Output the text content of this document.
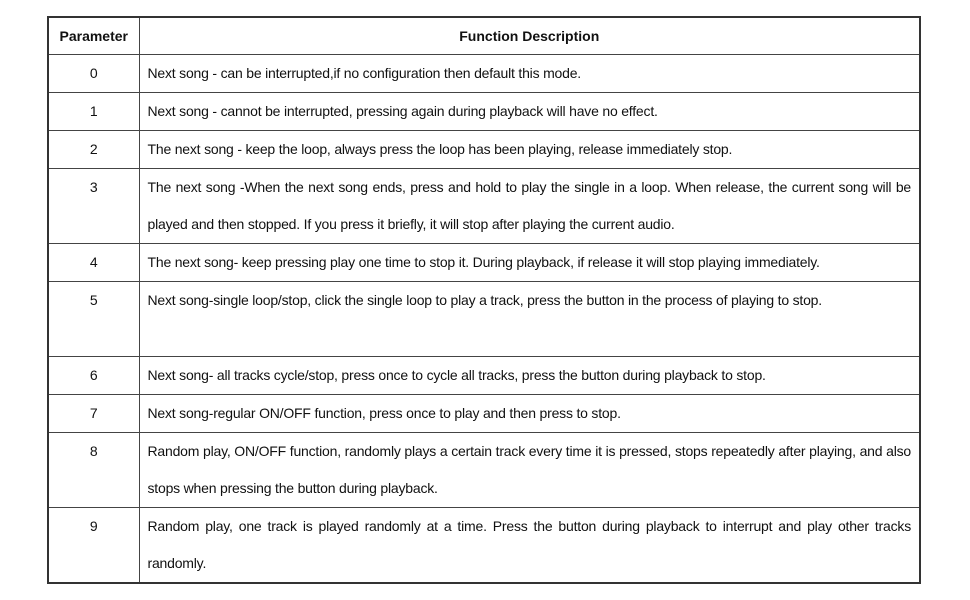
Parameter	Function Description
0	Next song - can be interrupted,if no configuration then default this mode.
1	Next song - cannot be interrupted, pressing again during playback will have no effect.
2	The next song - keep the loop, always press the loop has been playing, release immediately stop.
3	The next song -When the next song ends, press and hold to play the single in a loop. When release, the current song will be played and then stopped. If you press it briefly, it will stop after playing the current audio.
4	The next song- keep pressing play one time to stop it. During playback, if release it will stop playing immediately.
5	Next song-single loop/stop, click the single loop to play a track, press the button in the process of playing to stop.
6	Next song- all tracks cycle/stop, press once to cycle all tracks, press the button during playback to stop.
7	Next song-regular ON/OFF function, press once to play and then press to stop.
8	Random play, ON/OFF function, randomly plays a certain track every time it is pressed, stops repeatedly after playing, and also stops when pressing the button during playback.
9	Random play, one track is played randomly at a time. Press the button during playback to interrupt and play other tracks randomly.
